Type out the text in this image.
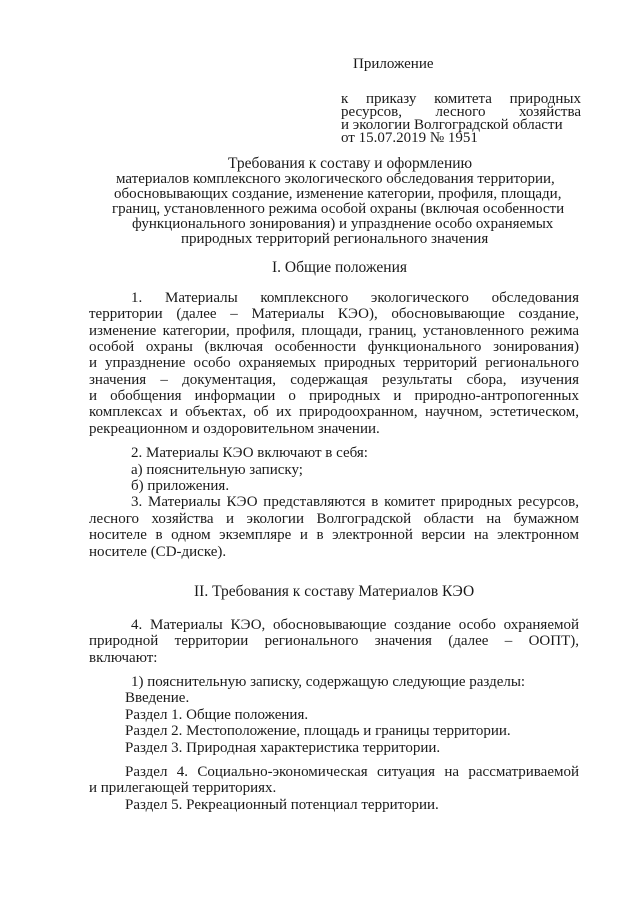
Приложение
к приказу комитета природных
ресурсов, лесного хозяйства
и экологии Волгоградской области
от 15.07.2019 № 1951
Требования к составу и оформлению
материалов комплексного экологического обследования территории,
обосновывающих создание, изменение категории, профиля, площади,
границ, установленного режима особой охраны (включая особенности
функционального зонирования) и упразднение особо охраняемых
природных территорий регионального значения
I. Общие положения
1. Материалы комплексного экологического обследования
территории (далее – Материалы КЭО), обосновывающие создание,
изменение категории, профиля, площади, границ, установленного режима
особой охраны (включая особенности функционального зонирования)
и упразднение особо охраняемых природных территорий регионального
значения – документация, содержащая результаты сбора, изучения
и обобщения информации о природных и природно-антропогенных
комплексах и объектах, об их природоохранном, научном, эстетическом,
рекреационном и оздоровительном значении.
2. Материалы КЭО включают в себя:
а) пояснительную записку;
б) приложения.
3. Материалы КЭО представляются в комитет природных ресурсов,
лесного хозяйства и экологии Волгоградской области на бумажном
носителе в одном экземпляре и в электронной версии на электронном
носителе (CD-диске).
II. Требования к составу Материалов КЭО
4. Материалы КЭО, обосновывающие создание особо охраняемой
природной территории регионального значения (далее – ООПТ),
включают:
1) пояснительную записку, содержащую следующие разделы:
Введение.
Раздел 1. Общие положения.
Раздел 2. Местоположение, площадь и границы территории.
Раздел 3. Природная характеристика территории.
Раздел 4. Социально-экономическая ситуация на рассматриваемой
и прилегающей территориях.
Раздел 5. Рекреационный потенциал территории.
